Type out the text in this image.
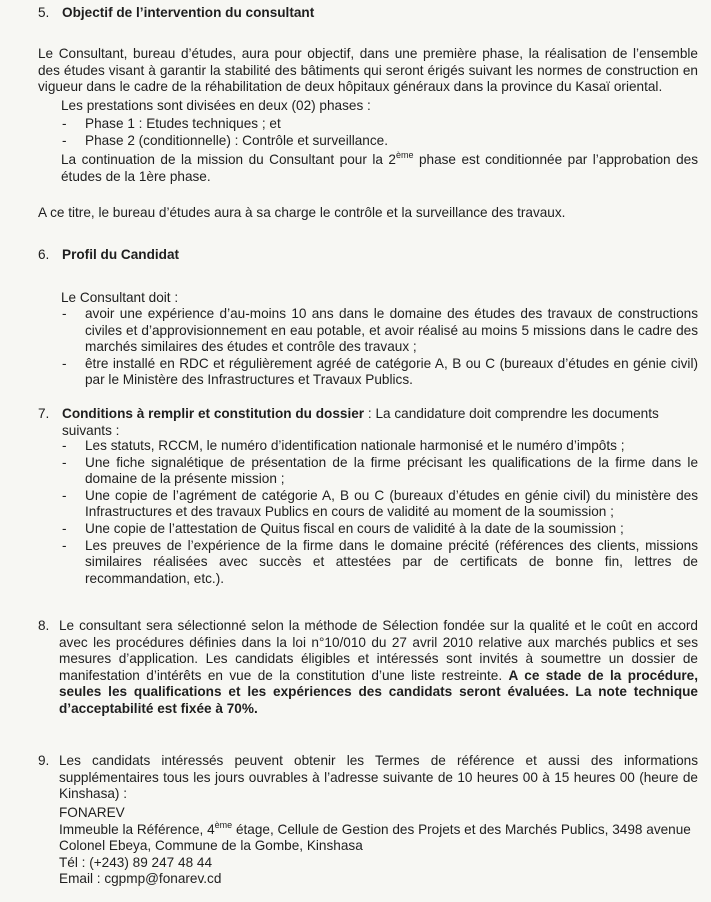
5. Objectif de l’intervention du consultant
Le Consultant, bureau d’études, aura pour objectif, dans une première phase, la réalisation de l’ensemble des études visant à garantir la stabilité des bâtiments qui seront érigés suivant les normes de construction en vigueur dans le cadre de la réhabilitation de deux hôpitaux généraux dans la province du Kasaï oriental.
Les prestations sont divisées en deux (02) phases :
- Phase 1 : Etudes techniques ; et
- Phase 2 (conditionnelle) : Contrôle et surveillance.
La continuation de la mission du Consultant pour la 2ème phase est conditionnée par l’approbation des études de la 1ère phase.
A ce titre, le bureau d’études aura à sa charge le contrôle et la surveillance des travaux.
6. Profil du Candidat
Le Consultant doit :
- avoir une expérience d’au-moins 10 ans dans le domaine des études des travaux de constructions civiles et d’approvisionnement en eau potable, et avoir réalisé au moins 5 missions dans le cadre des marchés similaires des études et contrôle des travaux ;
- être installé en RDC et régulièrement agréé de catégorie A, B ou C (bureaux d’études en génie civil) par le Ministère des Infrastructures et Travaux Publics.
7. Conditions à remplir et constitution du dossier : La candidature doit comprendre les documents suivants :
- Les statuts, RCCM, le numéro d’identification nationale harmonisé et le numéro d’impôts ;
- Une fiche signalétique de présentation de la firme précisant les qualifications de la firme dans le domaine de la présente mission ;
- Une copie de l’agrément de catégorie A, B ou C (bureaux d’études en génie civil) du ministère des Infrastructures et des travaux Publics en cours de validité au moment de la soumission ;
- Une copie de l’attestation de Quitus fiscal en cours de validité à la date de la soumission ;
- Les preuves de l’expérience de la firme dans le domaine précité (références des clients, missions similaires réalisées avec succès et attestées par de certificats de bonne fin, lettres de recommandation, etc.).
8. Le consultant sera sélectionné selon la méthode de Sélection fondée sur la qualité et le coût en accord avec les procédures définies dans la loi n°10/010 du 27 avril 2010 relative aux marchés publics et ses mesures d’application. Les candidats éligibles et intéressés sont invités à soumettre un dossier de manifestation d’intérêts en vue de la constitution d’une liste restreinte. A ce stade de la procédure, seules les qualifications et les expériences des candidats seront évaluées. La note technique d’acceptabilité est fixée à 70%.
9. Les candidats intéressés peuvent obtenir les Termes de référence et aussi des informations supplémentaires tous les jours ouvrables à l’adresse suivante de 10 heures 00 à 15 heures 00 (heure de Kinshasa) :
FONAREV
Immeuble la Référence, 4ème étage, Cellule de Gestion des Projets et des Marchés Publics, 3498 avenue Colonel Ebeya, Commune de la Gombe, Kinshasa
Tél : (+243) 89 247 48 44
Email : cgpmp@fonarev.cd
